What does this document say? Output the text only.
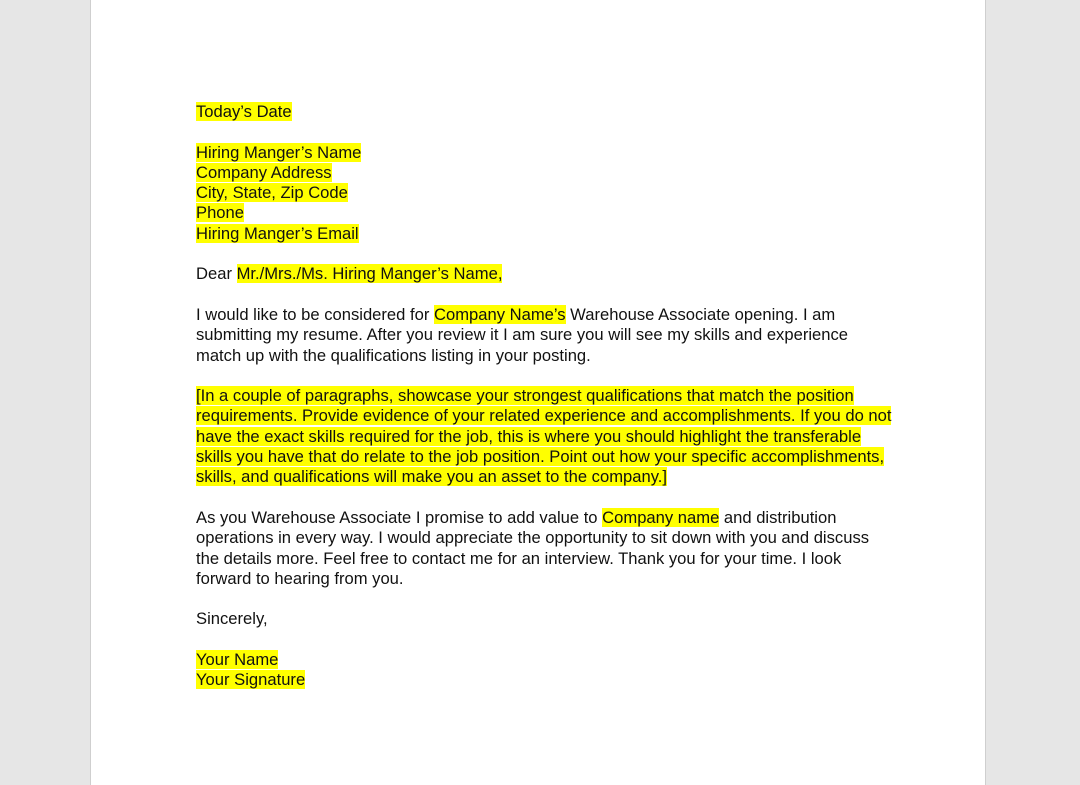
Today’s Date

Hiring Manger’s Name

Company Address

City, State, Zip Code

Phone

Hiring Manger’s Email

Dear Mr./Mrs./Ms. Hiring Manger’s Name,

I would like to be considered for Company Name’s Warehouse Associate opening. I am submitting my resume. After you review it I am sure you will see my skills and experience match up with the qualifications listing in your posting.

[In a couple of paragraphs, showcase your strongest qualifications that match the position requirements. Provide evidence of your related experience and accomplishments. If you do not have the exact skills required for the job, this is where you should highlight the transferable skills you have that do relate to the job position. Point out how your specific accomplishments, skills, and qualifications will make you an asset to the company.]

As you Warehouse Associate I promise to add value to Company name and distribution operations in every way. I would appreciate the opportunity to sit down with you and discuss the details more. Feel free to contact me for an interview. Thank you for your time. I look forward to hearing from you.

Sincerely,

Your Name

Your Signature
